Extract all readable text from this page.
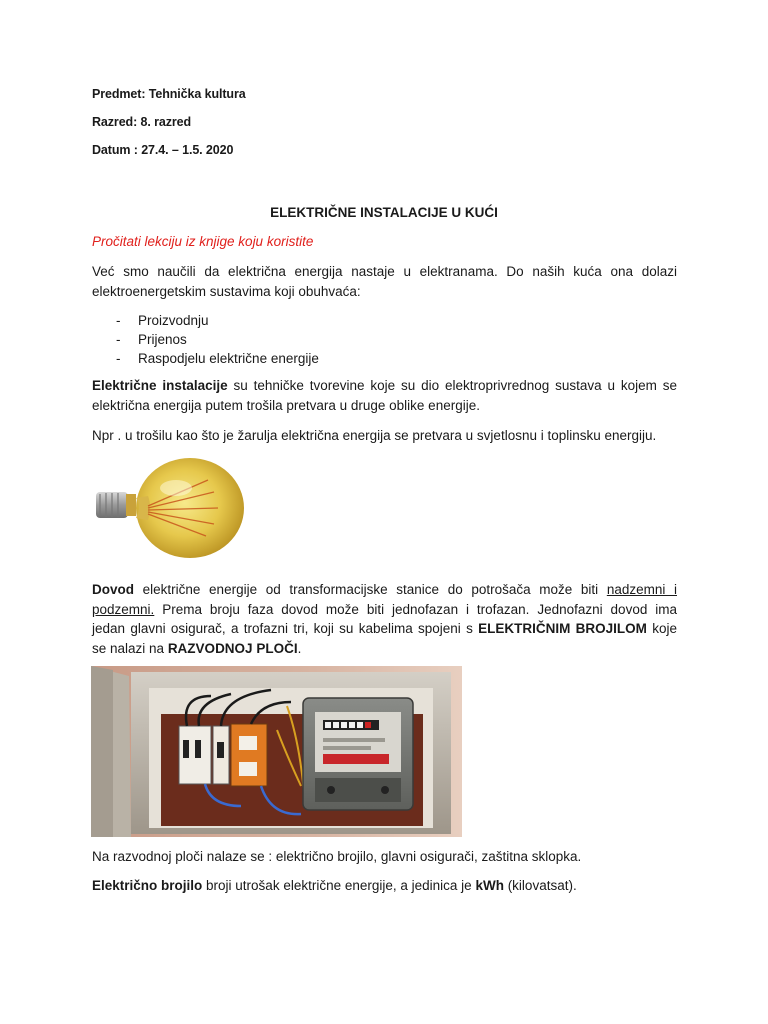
Predmet: Tehnička kultura
Razred: 8. razred
Datum : 27.4. – 1.5. 2020
ELEKTRIČNE INSTALACIJE U KUĆI
Pročitati lekciju iz knjige koju koristite
Već smo naučili da električna energija nastaje u elektranama. Do naših kuća ona dolazi
elektroenergetskim sustavima koji obuhvaća:
- Proizvodnju
- Prijenos
- Raspodjelu električne energije
Električne instalacije su tehničke tvorevine koje su dio elektroprivrednog sustava u kojem se
električna energija putem trošila pretvara u druge oblike energije.
Npr . u trošilu kao što je žarulja električna energija se pretvara u svjetlosnu i toplinsku energiju.
Dovod električne energije od transformacijske stanice do potrošača može biti nadzemni i
podzemni. Prema broju faza dovod može biti jednofazan i trofazan. Jednofazni dovod ima
jedan glavni osigurač, a trofazni tri, koji su kabelima spojeni s ELEKTRIČNIM BROJILOM koje
se nalazi na RAZVODNOJ PLOČI.
Na razvodnoj ploči nalaze se : električno brojilo, glavni osigurači, zaštitna sklopka.
Električno brojilo broji utrošak električne energije, a jedinica je kWh (kilovatsat).
